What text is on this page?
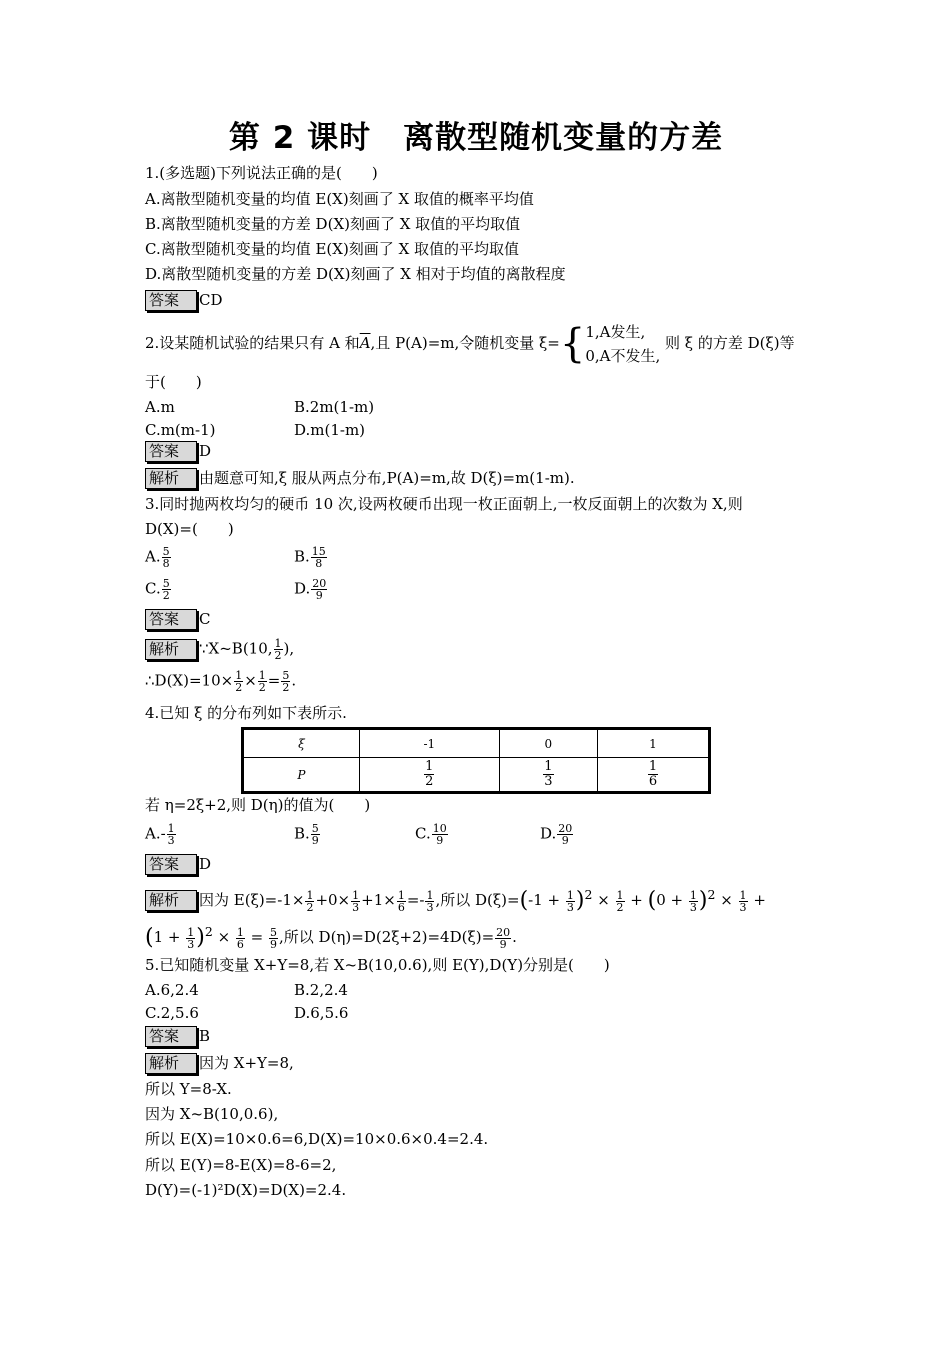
第 2 课时　离散型随机变量的方差
1.(多选题)下列说法正确的是(　　)
A.离散型随机变量的均值 E(X)刻画了 X 取值的概率平均值
B.离散型随机变量的方差 D(X)刻画了 X 取值的平均取值
C.离散型随机变量的均值 E(X)刻画了 X 取值的平均取值
D.离散型随机变量的方差 D(X)刻画了 X 相对于均值的离散程度
答案 CD
2.设某随机试验的结果只有 A 和$\overline{A}$,且 P(A)=m,令随机变量 ξ={ 1,A发生,
0,A不发生,
则 ξ 的方差 D(ξ)等
于(　　)
A.m	B.2m(1-m)
C.m(m-1)	D.m(1-m)
答案 D
解析 由题意可知,ξ 服从两点分布,P(A)=m,故 D(ξ)=m(1-m).
3.同时抛两枚均匀的硬币 10 次,设两枚硬币出现一枚正面朝上,一枚反面朝上的次数为 X,则
D(X)=(　　)
A. $\frac{5}{8}$	B. $\frac{15}{8}$
C. $\frac{5}{2}$	D. $\frac{20}{9}$
答案 C
解析 ∵X~B(10, $\frac{1}{2}$ ),
∴D(X)=10× $\frac{1}{2} \times \frac{1}{2} = \frac{5}{2}$ .
4.已知 ξ 的分布列如下表所示.
ξ	-1	0	1
P	$\frac{1}{2}$	$\frac{1}{3}$	$\frac{1}{6}$
若 η=2ξ+2,则 D(η)的值为(　　)
$A.- \frac{1}{3}$	B. $\frac{5}{9}$	C. $\frac{10}{9}$	D. $\frac{20}{9}$
答案 D
解析 因为 $E(\xi)=-1\times \frac{1}{2} +0\times \frac{1}{3} +1\times \frac{1}{6} =- \frac{1}{3}$ ,所以 $D(\xi)=(-1 + \frac{1}{3} )^2 \times \frac{1}{2} + (0 + \frac{1}{3} )^2 \times \frac{1}{3}$ +
$(1 + \frac{1}{3} )^2 \times \frac{1}{6} = \frac{5}{9}$ ,所以 $D(\eta)=D(2\xi+2)=4D(\xi)= \frac{20}{9}$ .
5.已知随机变量 X+Y=8,若 X~B(10,0.6),则 E(Y),D(Y)分别是(　　)
A.6,2.4	B.2,2.4
C.2,5.6	D.6,5.6
答案 B
解析 因为 X+Y=8,
所以 Y=8-X.
因为 X~B(10,0.6),
所以 E(X)=10×0.6=6,D(X)=10×0.6×0.4=2.4.
所以 E(Y)=8-E(X)=8-6=2,
D(Y)=(-1)²D(X)=D(X)=2.4.
